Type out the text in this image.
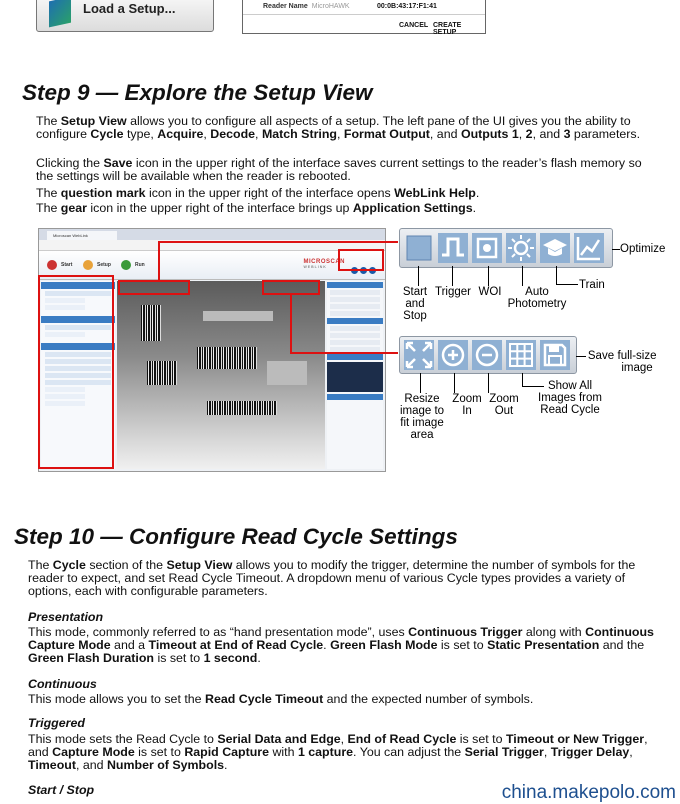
Load a Setup...	Reader Name MicroHAWK	00:0B:43:17:F1:41
CANCEL CREATE SETUP
Step 9 — Explore the Setup View
The Setup View allows you to configure all aspects of a setup. The left pane of the UI gives you the ability to configure Cycle type, Acquire, Decode, Match String, Format Output, and Outputs 1, 2, and 3 parameters.
Clicking the Save icon in the upper right of the interface saves current settings to the reader’s flash memory so the settings will be available when the reader is rebooted.
The question mark icon in the upper right of the interface opens WebLink Help.
The gear icon in the upper right of the interface brings up Application Settings.
Microscan WebLink
Start	Setup	Run	MICROSCAN
WEBLINK
Optimize
Start
and
Stop
Trigger WOI	Auto
Photometry
Train
Save full-size
image
Resize
image to
fit image
area
Zoom
In
Zoom
Out
Show All
Images from
Read Cycle
Step 10 — Configure Read Cycle Settings
The Cycle section of the Setup View allows you to modify the trigger, determine the number of symbols for the reader to expect, and set Read Cycle Timeout. A dropdown menu of various Cycle types provides a variety of options, each with configurable parameters.
Presentation
This mode, commonly referred to as “hand presentation mode”, uses Continuous Trigger along with Continuous Capture Mode and a Timeout at End of Read Cycle. Green Flash Mode is set to Static Presentation and the Green Flash Duration is set to 1 second.
Continuous
This mode allows you to set the Read Cycle Timeout and the expected number of symbols.
Triggered
This mode sets the Read Cycle to Serial Data and Edge, End of Read Cycle is set to Timeout or New Trigger, and Capture Mode is set to Rapid Capture with 1 capture. You can adjust the Serial Trigger, Trigger Delay, Timeout, and Number of Symbols.
Start / Stop	china.makepolo.com
